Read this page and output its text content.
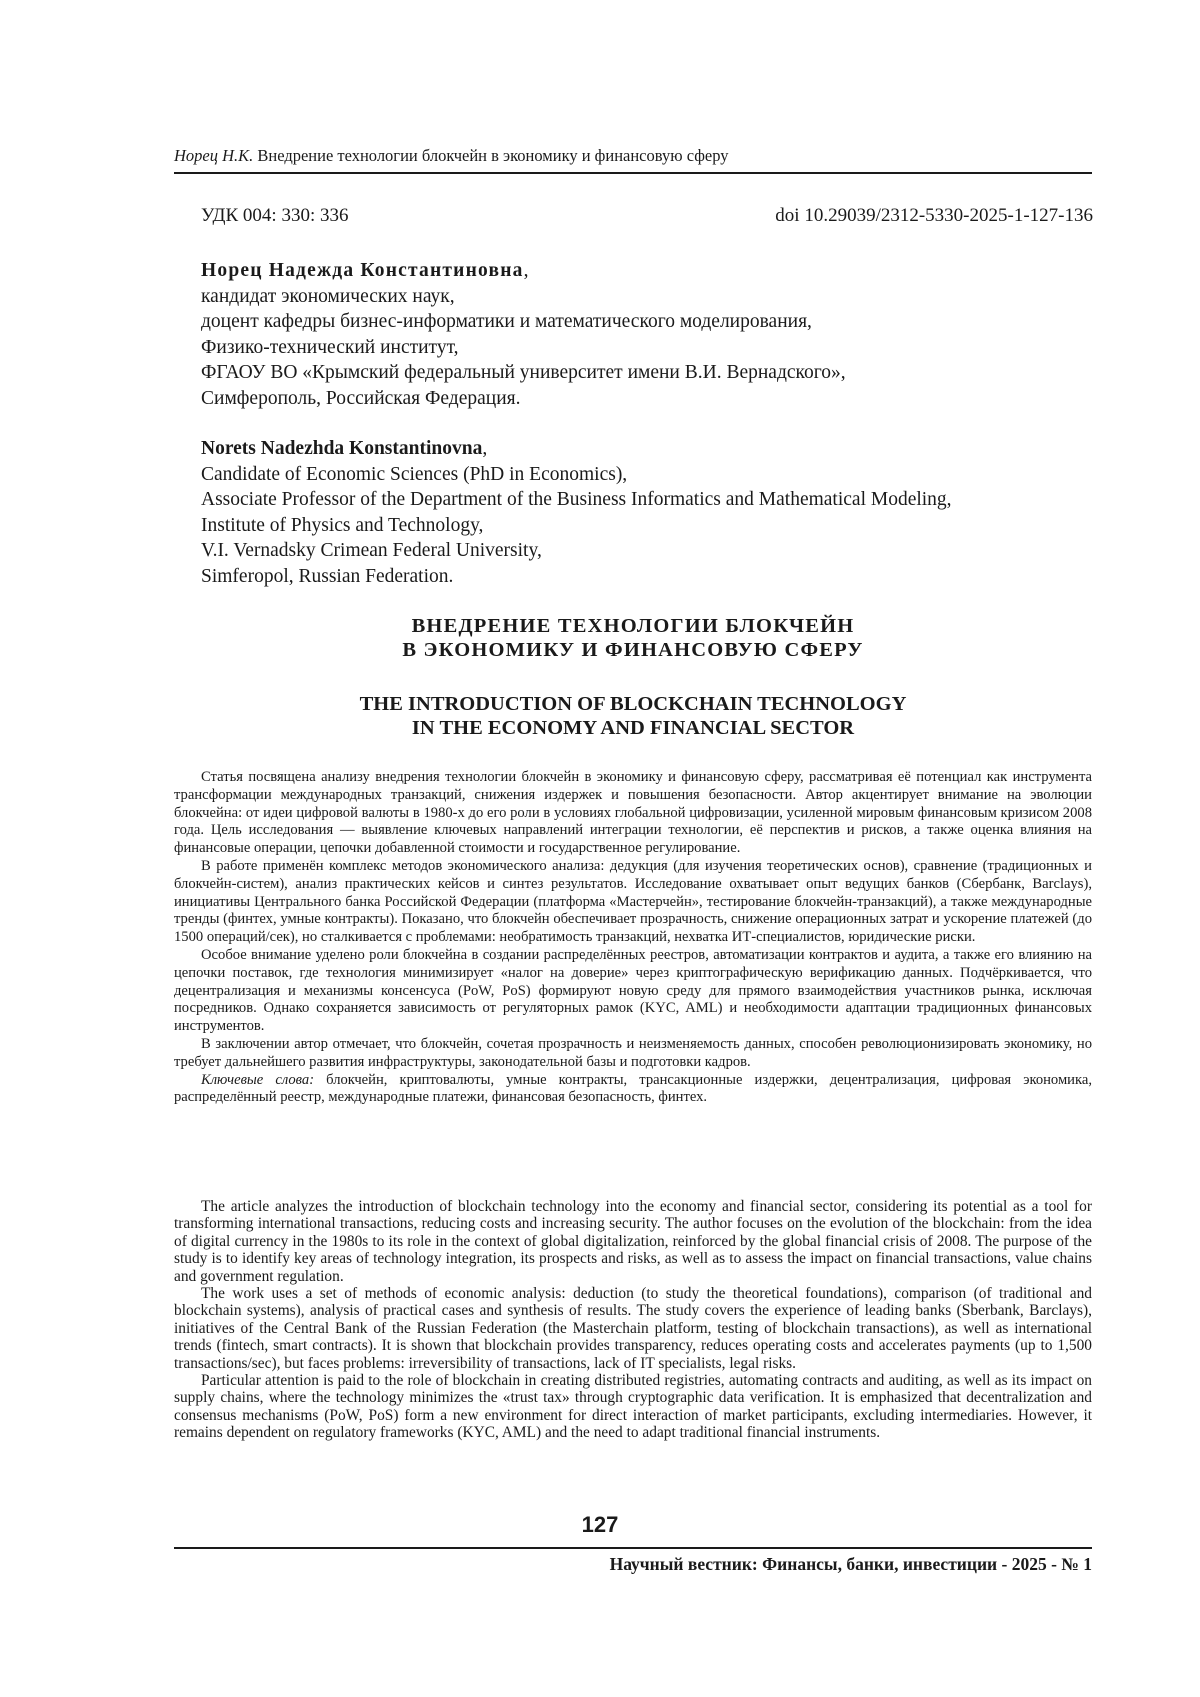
Норец Н.К. Внедрение технологии блокчейн в экономику и финансовую сферу
УДК 004: 330: 336	doi 10.29039/2312-5330-2025-1-127-136
Норец Надежда Константиновна,
кандидат экономических наук,
доцент кафедры бизнес-информатики и математического моделирования,
Физико-технический институт,
ФГАОУ ВО «Крымский федеральный университет имени В.И. Вернадского»,
Симферополь, Российская Федерация.
Norets Nadezhda Konstantinovna,
Candidate of Economic Sciences (PhD in Economics),
Associate Professor of the Department of the Business Informatics and Mathematical Modeling,
Institute of Physics and Technology,
V.I. Vernadsky Crimean Federal University,
Simferopol, Russian Federation.
ВНЕДРЕНИЕ ТЕХНОЛОГИИ БЛОКЧЕЙН
В ЭКОНОМИКУ И ФИНАНСОВУЮ СФЕРУ
THE INTRODUCTION OF BLOCKCHAIN TECHNOLOGY
IN THE ECONOMY AND FINANCIAL SECTOR

Статья посвящена анализу внедрения технологии блокчейн в экономику и финансовую сферу, рассматривая её потенциал как инструмента трансформации международных транзакций, снижения издержек и повышения безопасности. Автор акцентирует внимание на эволюции блокчейна: от идеи цифровой валюты в 1980-х до его роли в условиях глобальной цифровизации, усиленной мировым финансовым кризисом 2008 года. Цель исследования — выявление ключевых направлений интеграции технологии, её перспектив и рисков, а также оценка влияния на финансовые операции, цепочки добавленной стоимости и государственное регулирование.

В работе применён комплекс методов экономического анализа: дедукция (для изучения теоретических основ), сравнение (традиционных и блокчейн-систем), анализ практических кейсов и синтез результатов. Исследование охватывает опыт ведущих банков (Сбербанк, Barclays), инициативы Центрального банка Российской Федерации (платформа «Мастерчейн», тестирование блокчейн-транзакций), а также международные тренды (финтех, умные контракты). Показано, что блокчейн обеспечивает прозрачность, снижение операционных затрат и ускорение платежей (до 1500 операций/сек), но сталкивается с проблемами: необратимость транзакций, нехватка ИТ-специалистов, юридические риски.

Особое внимание уделено роли блокчейна в создании распределённых реестров, автоматизации контрактов и аудита, а также его влиянию на цепочки поставок, где технология минимизирует «налог на доверие» через криптографическую верификацию данных. Подчёркивается, что децентрализация и механизмы консенсуса (PoW, PoS) формируют новую среду для прямого взаимодействия участников рынка, исключая посредников. Однако сохраняется зависимость от регуляторных рамок (KYC, AML) и необходимости адаптации традиционных финансовых инструментов.

В заключении автор отмечает, что блокчейн, сочетая прозрачность и неизменяемость данных, способен революционизировать экономику, но требует дальнейшего развития инфраструктуры, законодательной базы и подготовки кадров.

Ключевые слова: блокчейн, криптовалюты, умные контракты, трансакционные издержки, децентрализация, цифровая экономика, распределённый реестр, международные платежи, финансовая безопасность, финтех.

The article analyzes the introduction of blockchain technology into the economy and financial sector, considering its potential as a tool for transforming international transactions, reducing costs and increasing security. The author focuses on the evolution of the blockchain: from the idea of digital currency in the 1980s to its role in the context of global digitalization, reinforced by the global financial crisis of 2008. The purpose of the study is to identify key areas of technology integration, its prospects and risks, as well as to assess the impact on financial transactions, value chains and government regulation.

The work uses a set of methods of economic analysis: deduction (to study the theoretical foundations), comparison (of traditional and blockchain systems), analysis of practical cases and synthesis of results. The study covers the experience of leading banks (Sberbank, Barclays), initiatives of the Central Bank of the Russian Federation (the Masterchain platform, testing of blockchain transactions), as well as international trends (fintech, smart contracts). It is shown that blockchain provides transparency, reduces operating costs and accelerates payments (up to 1,500 transactions/sec), but faces problems: irreversibility of transactions, lack of IT specialists, legal risks.

Particular attention is paid to the role of blockchain in creating distributed registries, automating contracts and auditing, as well as its impact on supply chains, where the technology minimizes the «trust tax» through cryptographic data verification. It is emphasized that decentralization and consensus mechanisms (PoW, PoS) form a new environment for direct interaction of market participants, excluding intermediaries. However, it remains dependent on regulatory frameworks (KYC, AML) and the need to adapt traditional financial instruments.

127
Научный вестник: Финансы, банки, инвестиции - 2025 - № 1
